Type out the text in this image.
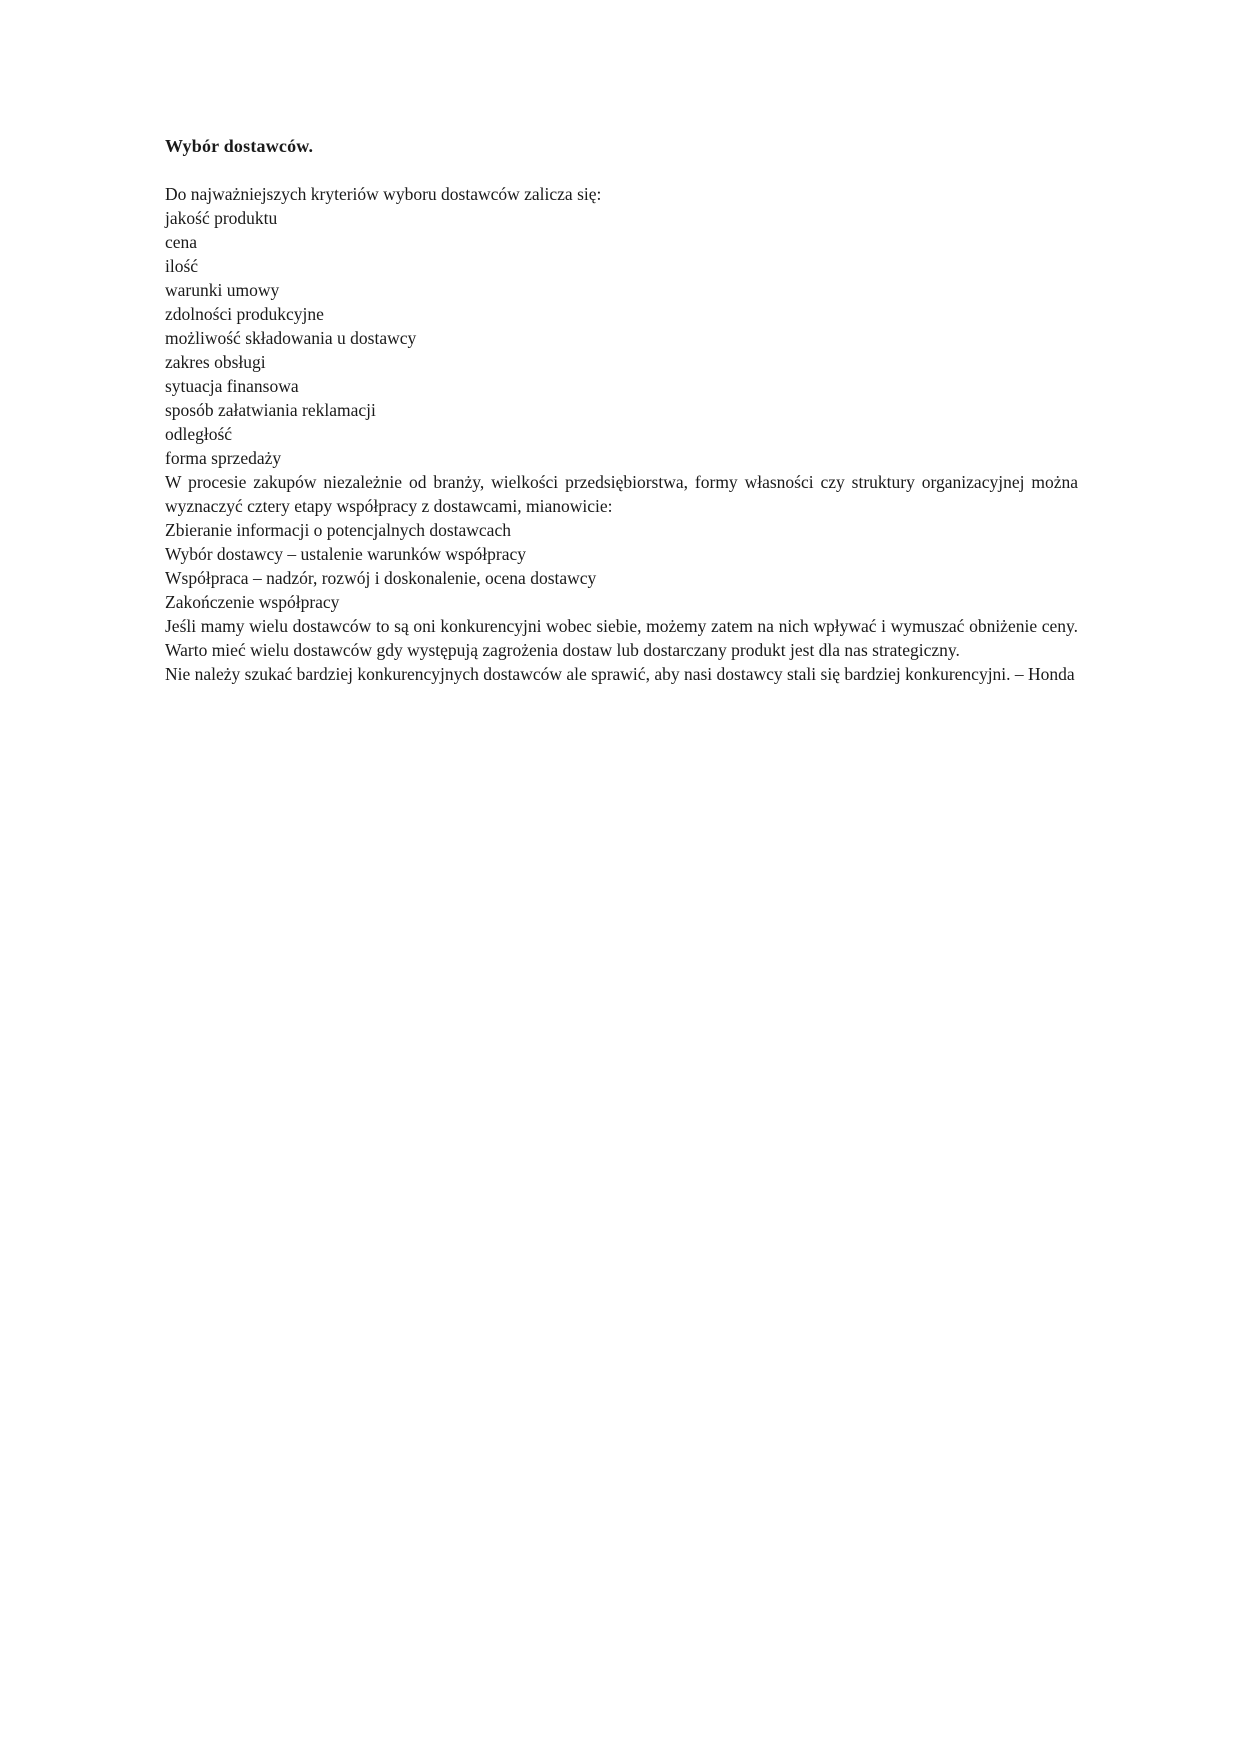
Wybór dostawców.

Do najważniejszych kryteriów wyboru dostawców zalicza się:

jakość produktu
cena
ilość
warunki umowy
zdolności produkcyjne
możliwość składowania u dostawcy
zakres obsługi
sytuacja finansowa
sposób załatwiania reklamacji
odległość
forma sprzedaży

W procesie zakupów niezależnie od branży, wielkości przedsiębiorstwa, formy własności czy struktury organizacyjnej można wyznaczyć cztery etapy współpracy z dostawcami, mianowicie:

Zbieranie informacji o potencjalnych dostawcach
Wybór dostawcy – ustalenie warunków współpracy
Współpraca – nadzór, rozwój i doskonalenie, ocena dostawcy
Zakończenie współpracy

Jeśli mamy wielu dostawców to są oni konkurencyjni wobec siebie, możemy zatem na nich wpływać i wymuszać obniżenie ceny. Warto mieć wielu dostawców gdy występują zagrożenia dostaw lub dostarczany produkt jest dla nas strategiczny.

Nie należy szukać bardziej konkurencyjnych dostawców ale sprawić, aby nasi dostawcy stali się bardziej konkurencyjni. – Honda
